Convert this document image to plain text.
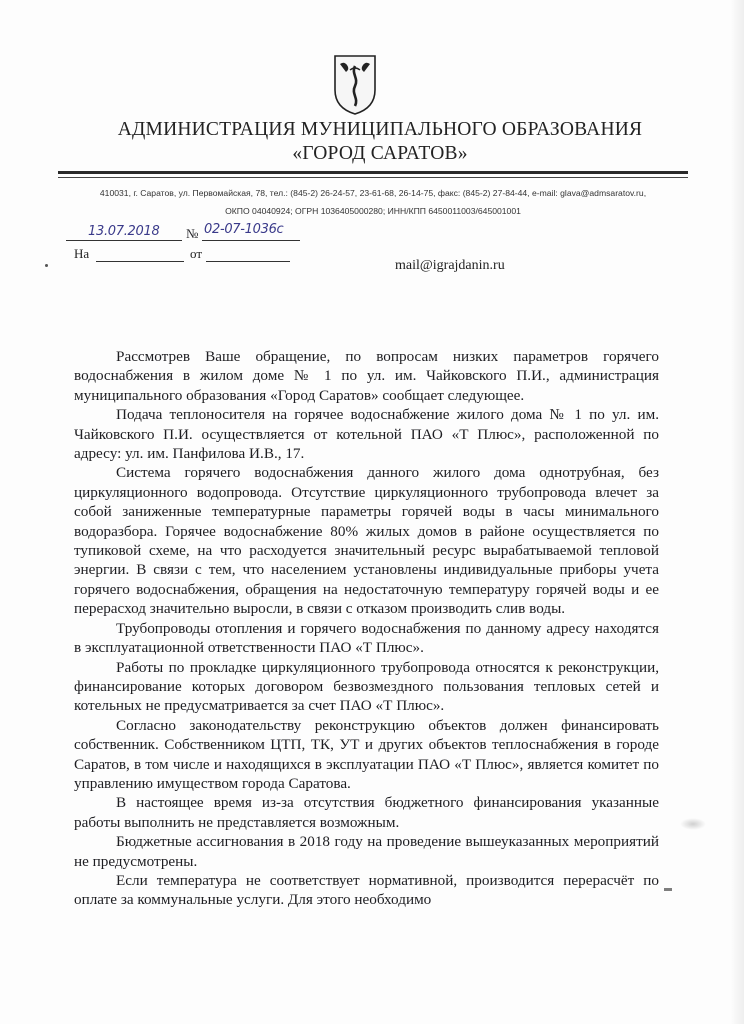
АДМИНИСТРАЦИЯ МУНИЦИПАЛЬНОГО ОБРАЗОВАНИЯ
«ГОРОД САРАТОВ»
410031, г. Саратов, ул. Первомайская, 78, тел.: (845-2) 26-24-57, 23-61-68, 26-14-75, факс: (845-2) 27-84-44, e-mail: glava@admsaratov.ru,
ОКПО 04040924; ОГРН 1036405000280; ИНН/КПП 6450011003/645001001
13.07.2018 № 02-07-1036с
На	от
mail@igrajdanin.ru

Рассмотрев Ваше обращение, по вопросам низких параметров горячего водоснабжения в жилом доме № 1 по ул. им. Чайковского П.И., администрация муниципального образования «Город Саратов» сообщает следующее.

Подача теплоносителя на горячее водоснабжение жилого дома № 1 по ул. им. Чайковского П.И. осуществляется от котельной ПАО «Т Плюс», расположенной по адресу: ул. им. Панфилова И.В., 17.

Система горячего водоснабжения данного жилого дома однотрубная, без циркуляционного водопровода. Отсутствие циркуляционного трубопровода влечет за собой заниженные температурные параметры горячей воды в часы минимального водоразбора. Горячее водоснабжение 80% жилых домов в районе осуществляется по тупиковой схеме, на что расходуется значительный ресурс вырабатываемой тепловой энергии. В связи с тем, что населением установлены индивидуальные приборы учета горячего водоснабжения, обращения на недостаточную температуру горячей воды и ее перерасход значительно выросли, в связи с отказом производить слив воды.

Трубопроводы отопления и горячего водоснабжения по данному адресу находятся в эксплуатационной ответственности ПАО «Т Плюс».

Работы по прокладке циркуляционного трубопровода относятся к реконструкции, финансирование которых договором безвозмездного пользования тепловых сетей и котельных не предусматривается за счет ПАО «Т Плюс».

Согласно законодательству реконструкцию объектов должен финансировать собственник. Собственником ЦТП, ТК, УТ и других объектов теплоснабжения в городе Саратов, в том числе и находящихся в эксплуатации ПАО «Т Плюс», является комитет по управлению имуществом города Саратова.

В настоящее время из-за отсутствия бюджетного финансирования указанные работы выполнить не представляется возможным.

Бюджетные ассигнования в 2018 году на проведение вышеуказанных мероприятий не предусмотрены.

Если температура не соответствует нормативной, производится перерасчёт по оплате за коммунальные услуги. Для этого необходимо
